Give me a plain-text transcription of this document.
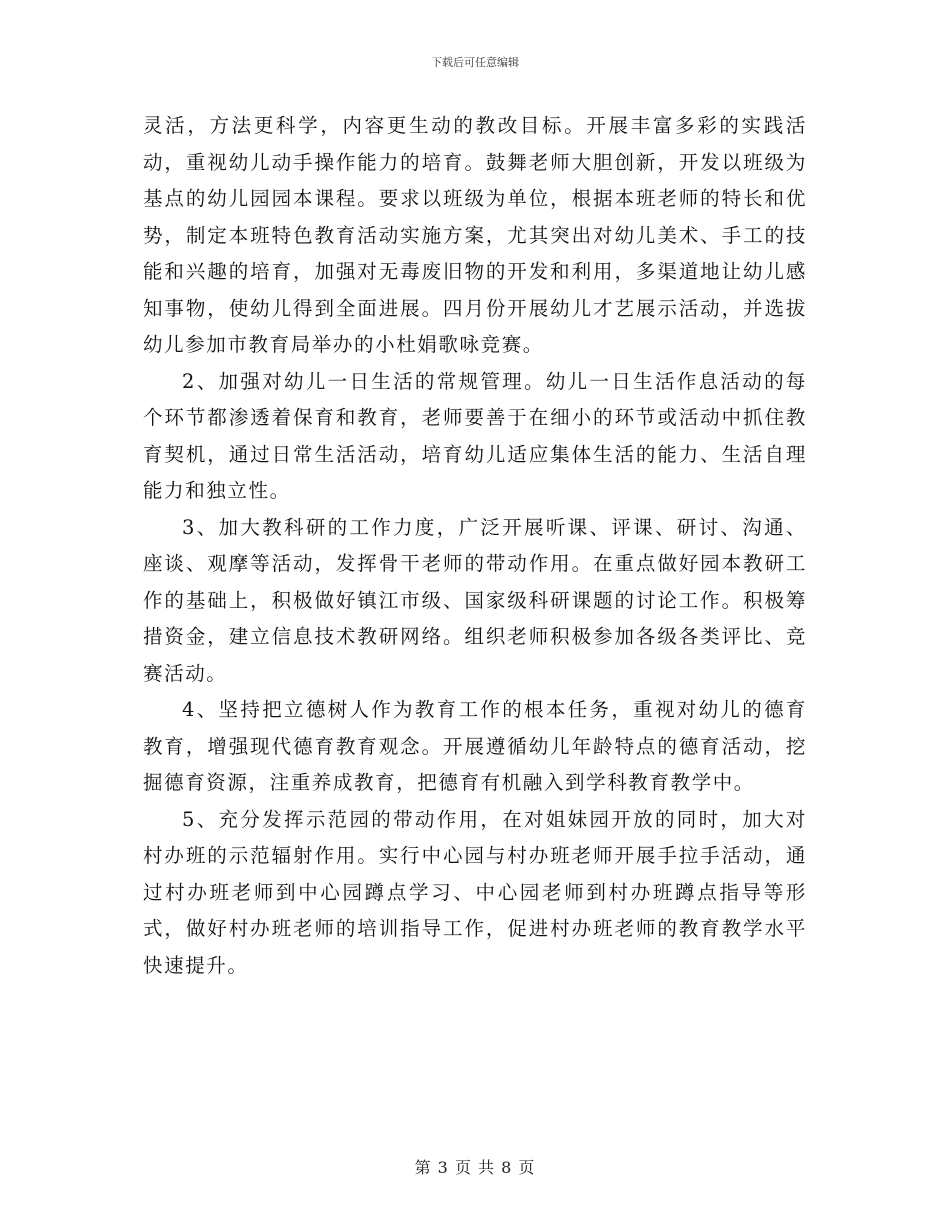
下载后可任意编辑

灵活，方法更科学，内容更生动的教改目标。开展丰富多彩的实践活动，重视幼儿动手操作能力的培育。鼓舞老师大胆创新，开发以班级为基点的幼儿园园本课程。要求以班级为单位，根据本班老师的特长和优势，制定本班特色教育活动实施方案，尤其突出对幼儿美术、手工的技能和兴趣的培育，加强对无毒废旧物的开发和利用，多渠道地让幼儿感知事物，使幼儿得到全面进展。四月份开展幼儿才艺展示活动，并选拔幼儿参加市教育局举办的小杜娟歌咏竞赛。

2、加强对幼儿一日生活的常规管理。幼儿一日生活作息活动的每个环节都渗透着保育和教育，老师要善于在细小的环节或活动中抓住教育契机，通过日常生活活动，培育幼儿适应集体生活的能力、生活自理能力和独立性。

3、加大教科研的工作力度，广泛开展听课、评课、研讨、沟通、座谈、观摩等活动，发挥骨干老师的带动作用。在重点做好园本教研工作的基础上，积极做好镇江市级、国家级科研课题的讨论工作。积极筹措资金，建立信息技术教研网络。组织老师积极参加各级各类评比、竞赛活动。

4、坚持把立德树人作为教育工作的根本任务，重视对幼儿的德育教育，增强现代德育教育观念。开展遵循幼儿年龄特点的德育活动，挖掘德育资源，注重养成教育，把德育有机融入到学科教育教学中。

5、充分发挥示范园的带动作用，在对姐妹园开放的同时，加大对村办班的示范辐射作用。实行中心园与村办班老师开展手拉手活动，通过村办班老师到中心园蹲点学习、中心园老师到村办班蹲点指导等形式，做好村办班老师的培训指导工作，促进村办班老师的教育教学水平快速提升。

第 3 页 共 8 页
